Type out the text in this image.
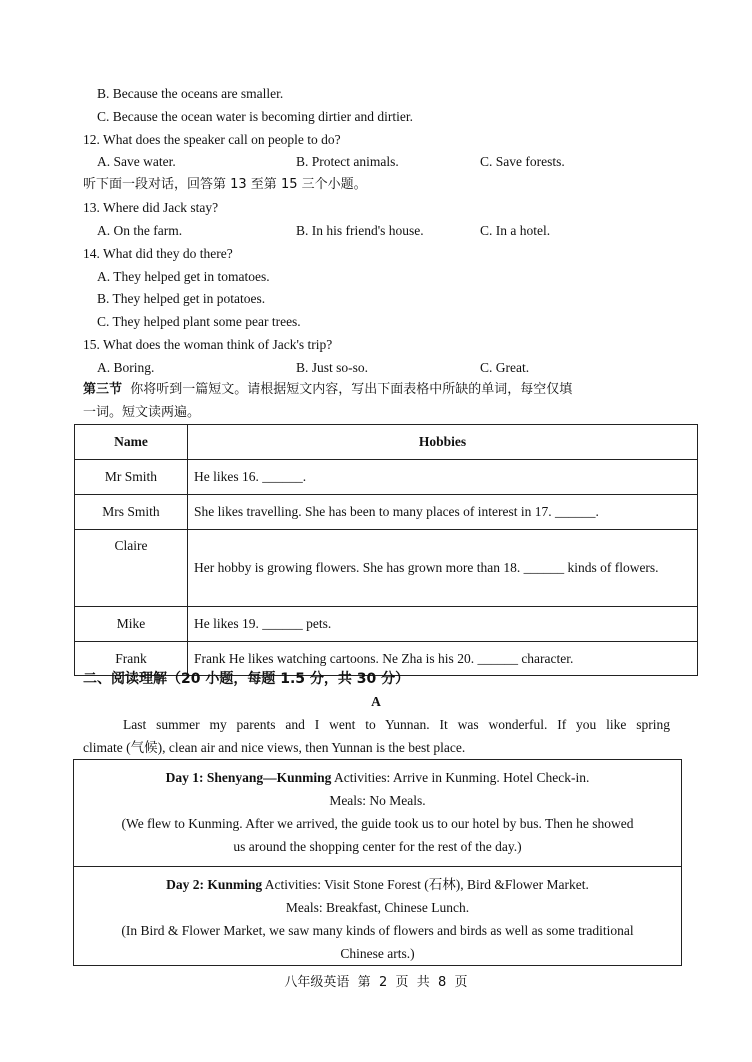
B. Because the oceans are smaller.
C. Because the ocean water is becoming dirtier and dirtier.
12. What does the speaker call on people to do?
A. Save water.	B. Protect animals.	C. Save forests.
听下面一段对话，回答第 13 至第 15 三个小题。
13. Where did Jack stay?
A. On the farm.	B. In his friend's house.	C. In a hotel.
14. What did they do there?
A. They helped get in tomatoes.
B. They helped get in potatoes.
C. They helped plant some pear trees.
15. What does the woman think of Jack's trip?
A. Boring.	B. Just so-so.	C. Great.
第三节 你将听到一篇短文。请根据短文内容，写出下面表格中所缺的单词，每空仅填
一词。短文读两遍。
Name	Hobbies
Mr Smith	He likes 16. ______.
Mrs Smith	She likes travelling. She has been to many places of interest in 17. ______.
Claire	Her hobby is growing flowers. She has grown more than 18. ______ kinds of flowers.
Mike	He likes 19. ______ pets.
Frank	Frank He likes watching cartoons. Ne Zha is his 20. ______ character.
二、阅读理解（20 小题，每题 1.5 分，共 30 分）
A
Last summer my parents and I went to Yunnan. It was wonderful. If you like spring
climate (气候), clean air and nice views, then Yunnan is the best place.

Day 1: Shenyang—Kunming Activities: Arrive in Kunming. Hotel Check-in.

Meals: No Meals.

(We flew to Kunming. After we arrived, the guide took us to our hotel by bus. Then he showed

us around the shopping center for the rest of the day.)

Day 2: Kunming Activities: Visit Stone Forest (石林), Bird &Flower Market.

Meals: Breakfast, Chinese Lunch.

(In Bird & Flower Market, we saw many kinds of flowers and birds as well as some traditional

Chinese arts.)

八年级英语  第  2  页  共  8  页
